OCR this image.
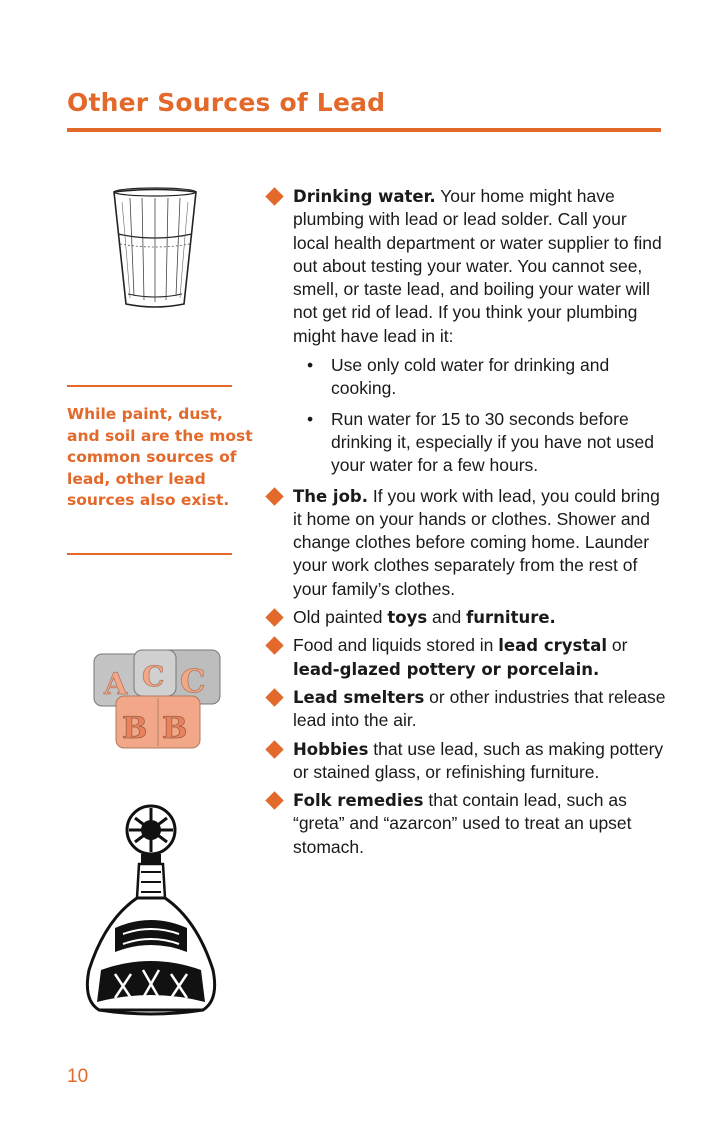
Other Sources of Lead
While paint, dust, and soil are the most common sources of lead, other lead sources also exist.
A C C
B B
Drinking water. Your home might have plumbing with lead or lead solder. Call your local health department or water supplier to find out about testing your water. You cannot see, smell, or taste lead, and boiling your water will not get rid of lead. If you think your plumbing might have lead in it:
• Use only cold water for drinking and cooking.
• Run water for 15 to 30 seconds before drinking it, especially if you have not used your water for a few hours.
The job. If you work with lead, you could bring it home on your hands or clothes. Shower and change clothes before coming home. Launder your work clothes separately from the rest of your family’s clothes.
Old painted toys and furniture.
Food and liquids stored in lead crystal or lead-glazed pottery or porcelain.
Lead smelters or other industries that release lead into the air.
Hobbies that use lead, such as making pottery or stained glass, or refinishing furniture.
Folk remedies that contain lead, such as “greta” and “azarcon” used to treat an upset stomach.
10
